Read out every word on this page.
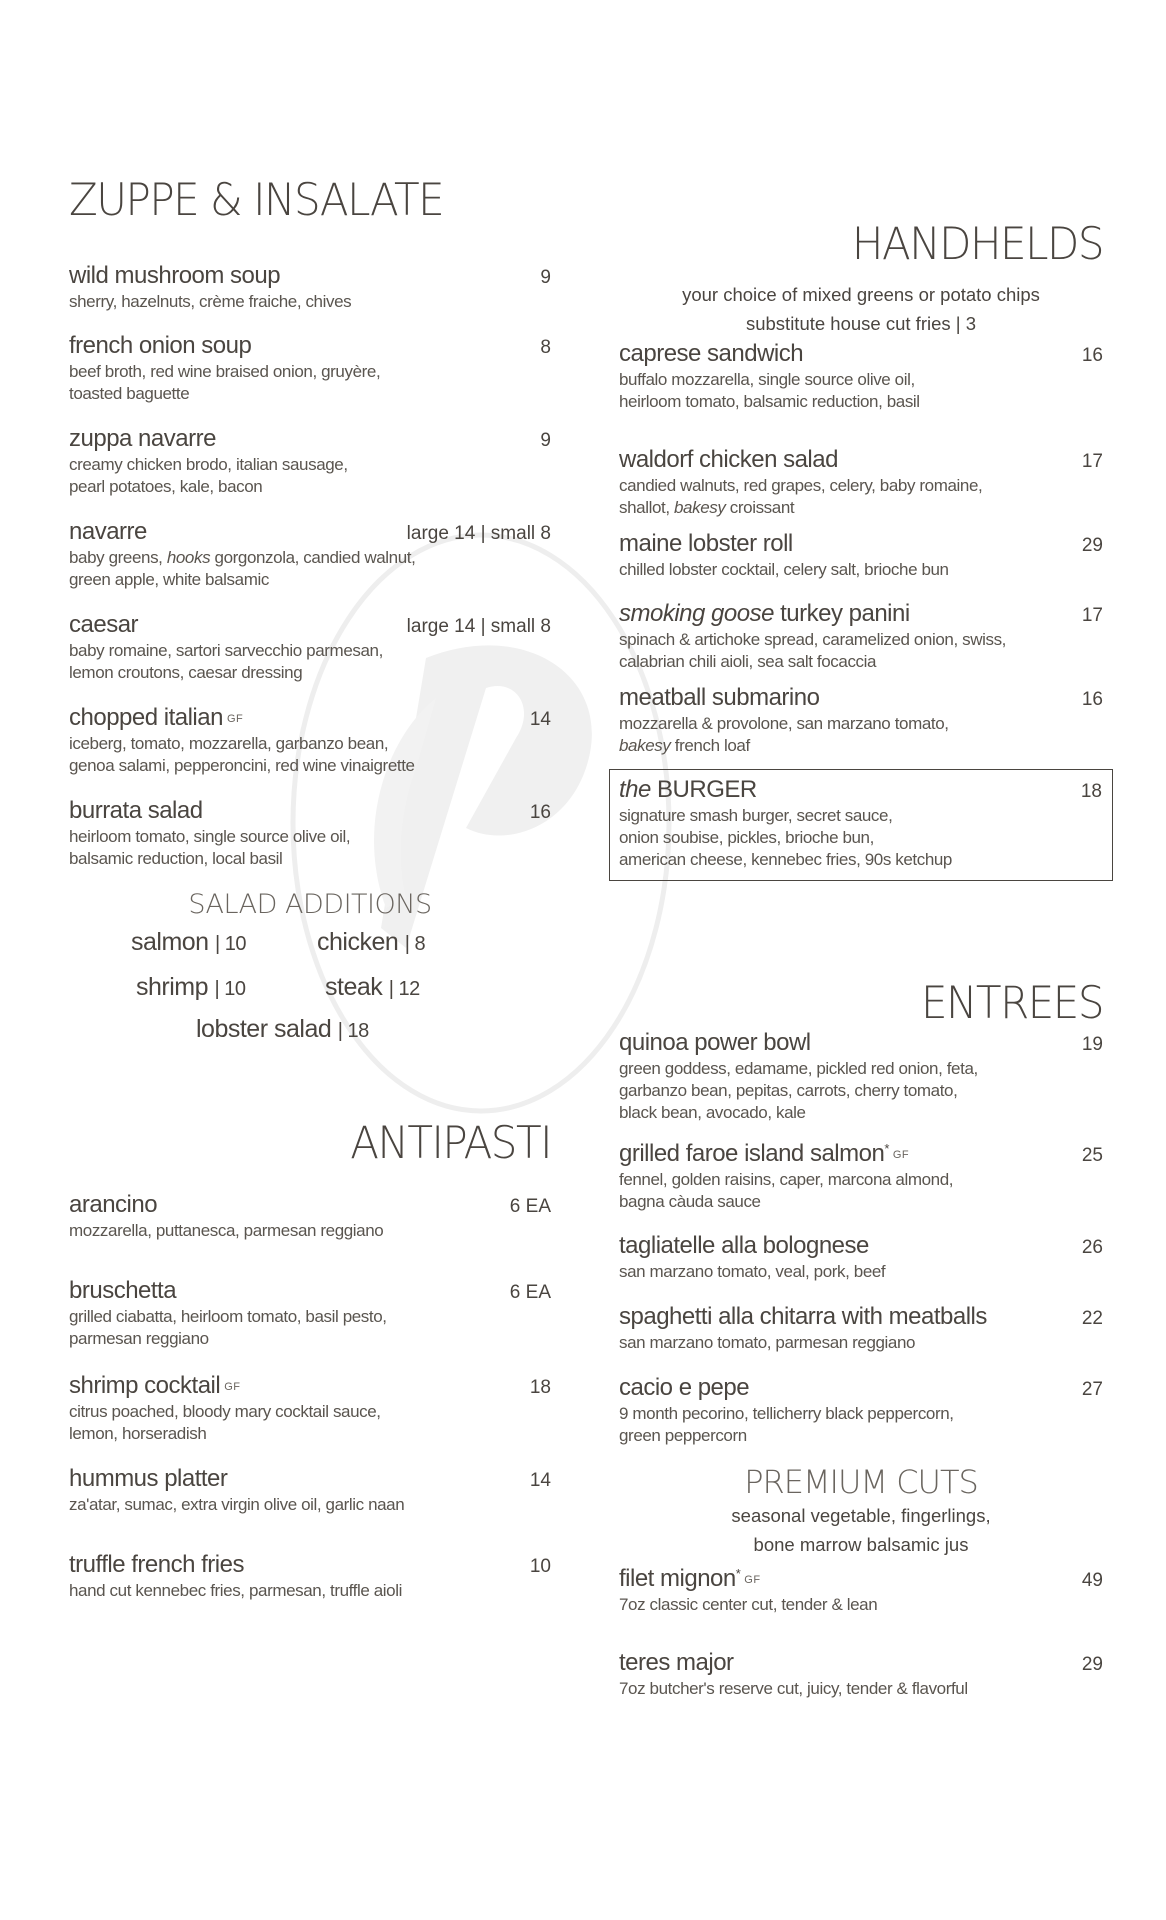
ZUPPE & INSALATE
wild mushroom soup	9
sherry, hazelnuts, crème fraiche, chives
french onion soup	8
beef broth, red wine braised onion, gruyère,
toasted baguette
zuppa navarre	9
creamy chicken brodo, italian sausage,
pearl potatoes, kale, bacon
navarre	large 14 | small 8
baby greens, hooks gorgonzola, candied walnut,
green apple, white balsamic
caesar	large 14 | small 8
baby romaine, sartori sarvecchio parmesan,
lemon croutons, caesar dressing
chopped italian GF	14
iceberg, tomato, mozzarella, garbanzo bean,
genoa salami, pepperoncini, red wine vinaigrette
burrata salad	16
heirloom tomato, single source olive oil,
balsamic reduction, local basil
SALAD ADDITIONS
salmon | 10	chicken | 8
shrimp | 10	steak | 12
lobster salad | 18
ANTIPASTI
arancino	6 EA
mozzarella, puttanesca, parmesan reggiano
bruschetta	6 EA
grilled ciabatta, heirloom tomato, basil pesto,
parmesan reggiano
shrimp cocktail GF	18
citrus poached, bloody mary cocktail sauce,
lemon, horseradish
hummus platter	14
za'atar, sumac, extra virgin olive oil, garlic naan
truffle french fries	10
hand cut kennebec fries, parmesan, truffle aioli
HANDHELDS
your choice of mixed greens or potato chips
substitute house cut fries | 3
caprese sandwich	16
buffalo mozzarella, single source olive oil,
heirloom tomato, balsamic reduction, basil
waldorf chicken salad	17
candied walnuts, red grapes, celery, baby romaine,
shallot, bakesy croissant
maine lobster roll	29
chilled lobster cocktail, celery salt, brioche bun
smoking goose turkey panini	17
spinach & artichoke spread, caramelized onion, swiss,
calabrian chili aioli, sea salt focaccia
meatball submarino	16
mozzarella & provolone, san marzano tomato,
bakesy french loaf
the BURGER	18
signature smash burger, secret sauce,
onion soubise, pickles, brioche bun,
american cheese, kennebec fries, 90s ketchup
ENTREES
quinoa power bowl	19
green goddess, edamame, pickled red onion, feta,
garbanzo bean, pepitas, carrots, cherry tomato,
black bean, avocado, kale
grilled faroe island salmon* GF	25
fennel, golden raisins, caper, marcona almond,
bagna càuda sauce
tagliatelle alla bolognese	26
san marzano tomato, veal, pork, beef
spaghetti alla chitarra with meatballs	22
san marzano tomato, parmesan reggiano
cacio e pepe	27
9 month pecorino, tellicherry black peppercorn,
green peppercorn
PREMIUM CUTS
seasonal vegetable, fingerlings,
bone marrow balsamic jus
filet mignon* GF	49
7oz classic center cut, tender & lean
teres major	29
7oz butcher's reserve cut, juicy, tender & flavorful
